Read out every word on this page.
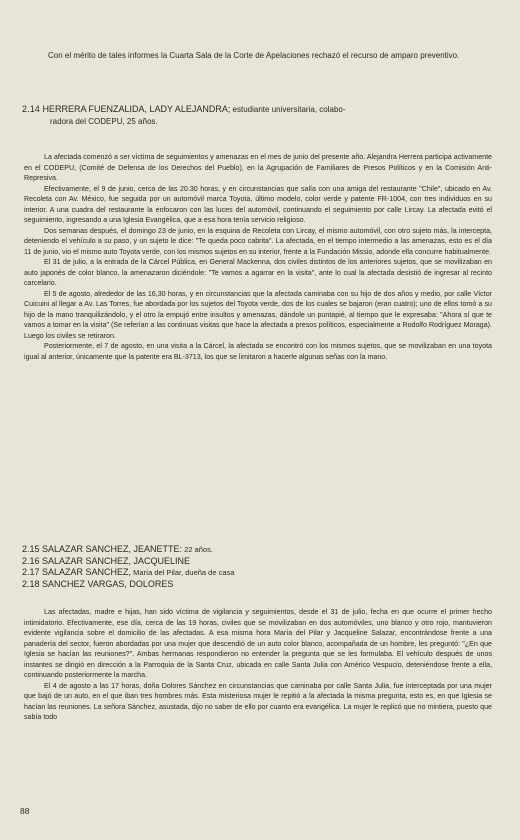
Con el mérito de tales informes la Cuarta Sala de la Corte de Apelaciones rechazó el recurso de amparo preventivo.

2.14 HERRERA FUENZALIDA, LADY ALEJANDRA; estudiante universitaria, colabo-
radora del CODEPU, 25 años.

La afectada comenzó a ser víctima de seguimientos y amenazas en el mes de junio del presente año. Alejandra Herrera participa activamente en el CODEPU, (Comité de Defensa de los Derechos del Pueblo), en la Agrupación de Familiares de Presos Políticos y en la Comisión Anti-Represiva.

Efectivamente, el 9 de junio, cerca de las 20.30 horas, y en circunstancias que salía con una amiga del restaurante "Chile", ubicado en Av. Recoleta con Av. México, fue seguida por un automóvil marca Toyota, último modelo, color verde y patente FR-1004, con tres individuos en su interior. A una cuadra del restaurante la enfocaron con las luces del automóvil, continuando el seguimiento por calle Lircay. La afectada evitó el seguimiento, ingresando a una Iglesia Evangélica, que a esa hora tenía servicio religioso.

Dos semanas después, el domingo 23 de junio, en la esquina de Recoleta con Lircay, el mismo automóvil, con otro sujeto más, la intercepta, deteniendo el vehículo a su paso, y un sujeto le dice: "Te queda poco cabrita". La afectada, en el tiempo intermedio a las amenazas, esto es el día 11 de junio, vio el mismo auto Toyota verde, con los mismos sujetos en su interior, frente a la Fundación Missio, adonde ella concurre habitualmente.

El 31 de julio, a la entrada de la Cárcel Pública, en General Mackenna, dos civiles distintos de los anteriores sujetos, que se movilizaban en auto japonés de color blanco, la amenazaron diciéndole: "Te vamos a agarrar en la visita", ante lo cual la afectada desistió de ingresar al recinto carcelario.

El 5 de agosto, alrededor de las 16,30 horas, y en circunstancias que la afectada caminaba con su hijo de dos años y medio, por calle Víctor Cuicuini al llegar a Av. Las Torres, fue abordada por los sujetos del Toyota verde, dos de los cuales se bajaron (eran cuatro); uno de ellos tomó a su hijo de la mano tranquilizándolo, y el otro la empujó entre insultos y amenazas, dándole un puntapié, al tiempo que le expresaba: "Ahora sí que te vamos a tomar en la visita" (Se referían a las continuas visitas que hace la afectada a presos políticos, especialmente a Rodolfo Rodríguez Moraga). Luego los civiles se retiraron.

Posteriormente, el 7 de agosto, en una visita a la Cárcel, la afectada se encontró con los mismos sujetos, que se movilizaban en una toyota igual al anterior, únicamente que la patente era BL-3713, los que se limitaron a hacerle algunas señas con la mano.

2.15 SALAZAR SANCHEZ, JEANETTE: 22 años.
2.16 SALAZAR SANCHEZ, JACQUELINE
2.17 SALAZAR SANCHEZ, María del Pilar, dueña de casa
2.18 SANCHEZ VARGAS, DOLORES

Las afectadas, madre e hijas, han sido víctima de vigilancia y seguimientos, desde el 31 de julio, fecha en que ocurre el primer hecho intimidatorio. Efectivamente, ese día, cerca de las 19 horas, civiles que se movilizaban en dos automóviles, uno blanco y otro rojo, mantuvieron evidente vigilancia sobre el domicilio de las afectadas. A esa misma hora María del Pilar y Jacqueline Salazar, encontrándose frente a una panadería del sector, fueron abordadas por una mujer que descendió de un auto color blanco, acompañada de un hombre, les preguntó: "¿En que Iglesia se hacían las reuniones?". Ambas hermanas respondieron no entender la pregunta que se les formulaba. El vehículo después de unos instantes se dirigió en dirección a la Parroquia de la Santa Cruz, ubicada en calle Santa Julia con Américo Vespucio, deteniéndose frente a ella, continuando posteriormente la marcha.

El 4 de agosto a las 17 horas, doña Dolores Sánchez en circunstancias que caminaba por calle Santa Julia, fue interceptada por una mujer que bajó de un auto, en el que iban tres hombres más. Esta misteriosa mujer le repitió a la afectada la misma pregunta, esto es, en que Iglesia se hacían las reuniones. La señora Sánchez, asustada, dijo no saber de ello por cuanto era evangélica. La mujer le replicó que no mintiera, puesto que sabía todo

88
